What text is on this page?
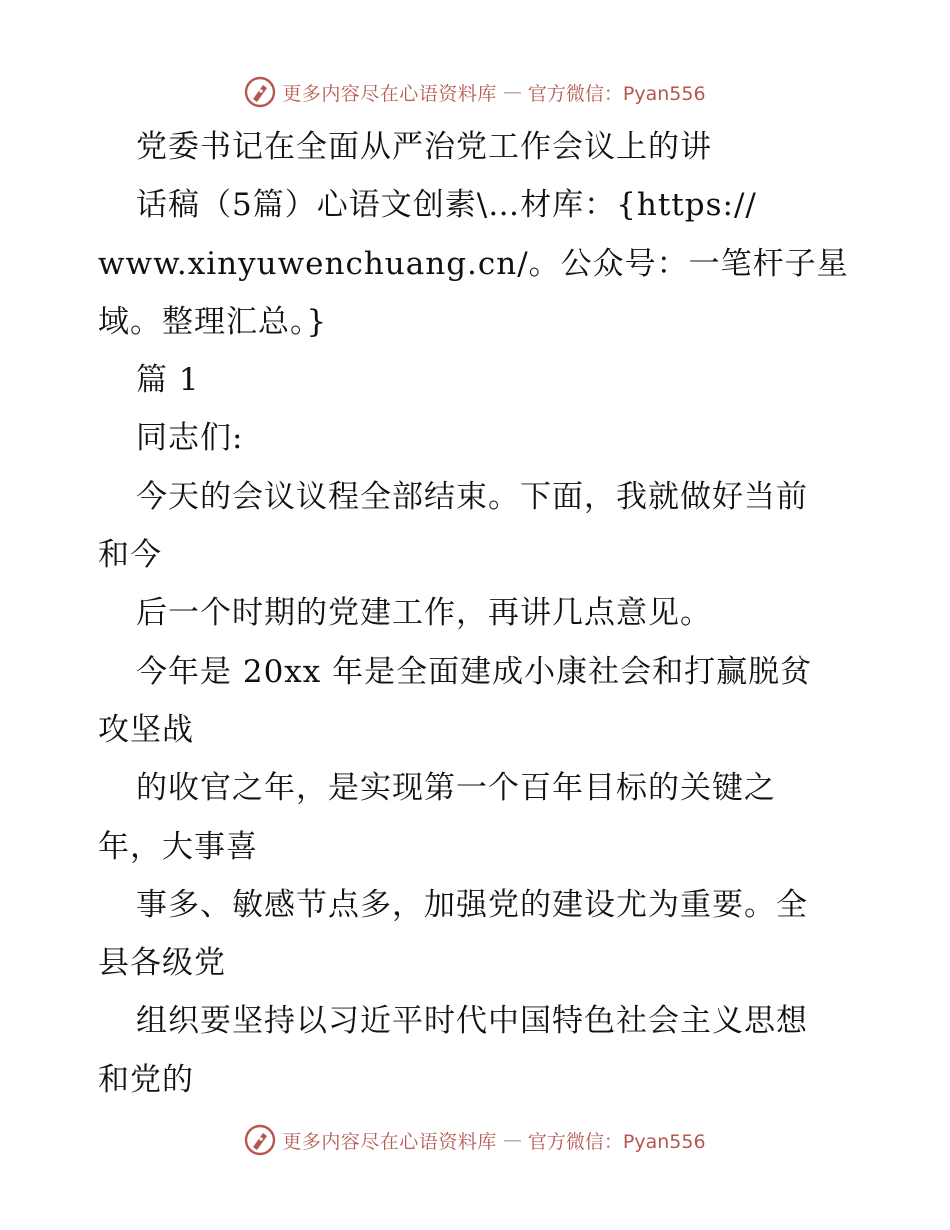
更多内容尽在心语资料库 — 官方微信：Pyan556
党委书记在全面从严治党工作会议上的讲
话稿（5篇）心语文创素\…材库：{https://
www.xinyuwenchuang.cn/。公众号：一笔杆子星
域。整理汇总。}
篇 1
同志们:
今天的会议议程全部结束。下面，我就做好当前
和今
后一个时期的党建工作，再讲几点意见。
今年是 20xx 年是全面建成小康社会和打赢脱贫
攻坚战
的收官之年，是实现第一个百年目标的关键之
年，大事喜
事多、敏感节点多，加强党的建设尤为重要。全
县各级党
组织要坚持以习近平时代中国特色社会主义思想
和党的
更多内容尽在心语资料库 — 官方微信：Pyan556
